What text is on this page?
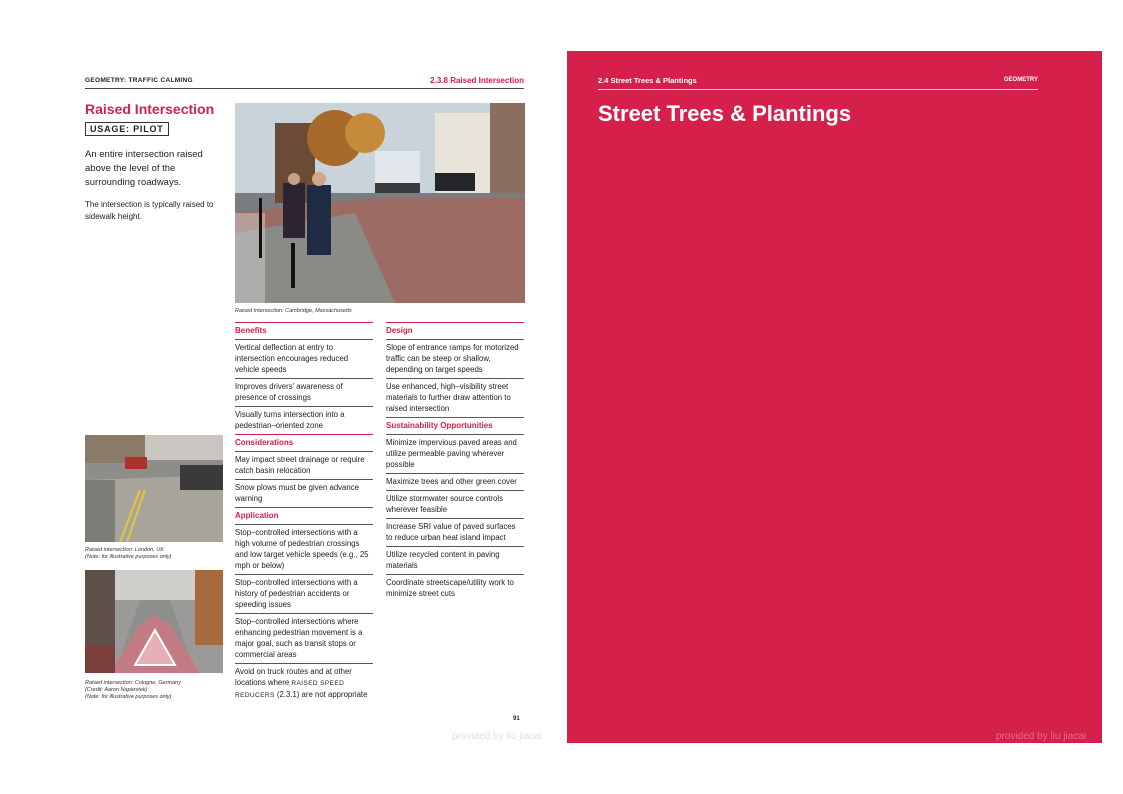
GEOMETRY: TRAFFIC CALMING	2.3.8 Raised Intersection
Raised Intersection
USAGE: PILOT
An entire intersection raised above the level of the surrounding roadways.
The intersection is typically raised to sidewalk height.
Raised Intersection: Cambridge, Massachusetts
Raised intersection: London, UK
(Note: for illustrative purposes only)
Raised intersection: Cologne, Germany
(Credit: Aaron Naparstek)
(Note: for illustrative purposes only)
Benefits
Vertical deflection at entry to intersection encourages reduced vehicle speeds
Improves drivers' awareness of presence of crossings
Visually turns intersection into a pedestrian–oriented zone
Considerations
May impact street drainage or require catch basin relocation
Snow plows must be given advance warning
Application
Stop–controlled intersections with a high volume of pedestrian crossings and low target vehicle speeds (e.g., 25 mph or below)
Stop–controlled intersections with a history of pedestrian accidents or speeding issues
Stop–controlled intersections where enhancing pedestrian movement is a major goal, such as transit stops or commercial areas
Avoid on truck routes and at other locations where RAISED SPEED REDUCERS (2.3.1) are not appropriate
Design
Slope of entrance ramps for motorized traffic can be steep or shallow, depending on target speeds
Use enhanced, high–visibility street materials to further draw attention to raised intersection
Sustainability Opportunities
Minimize impervious paved areas and utilize permeable paving wherever possible
Maximize trees and other green cover
Utilize stormwater source controls wherever feasible
Increase SRI value of paved surfaces to reduce urban heat island impact
Utilize recycled content in paving materials
Coordinate streetscape/utility work to minimize street cuts
91
provided by liu jiacai
2.4 Street Trees & Plantings	GEOMETRY
Street Trees & Plantings
provided by liu jiacai
